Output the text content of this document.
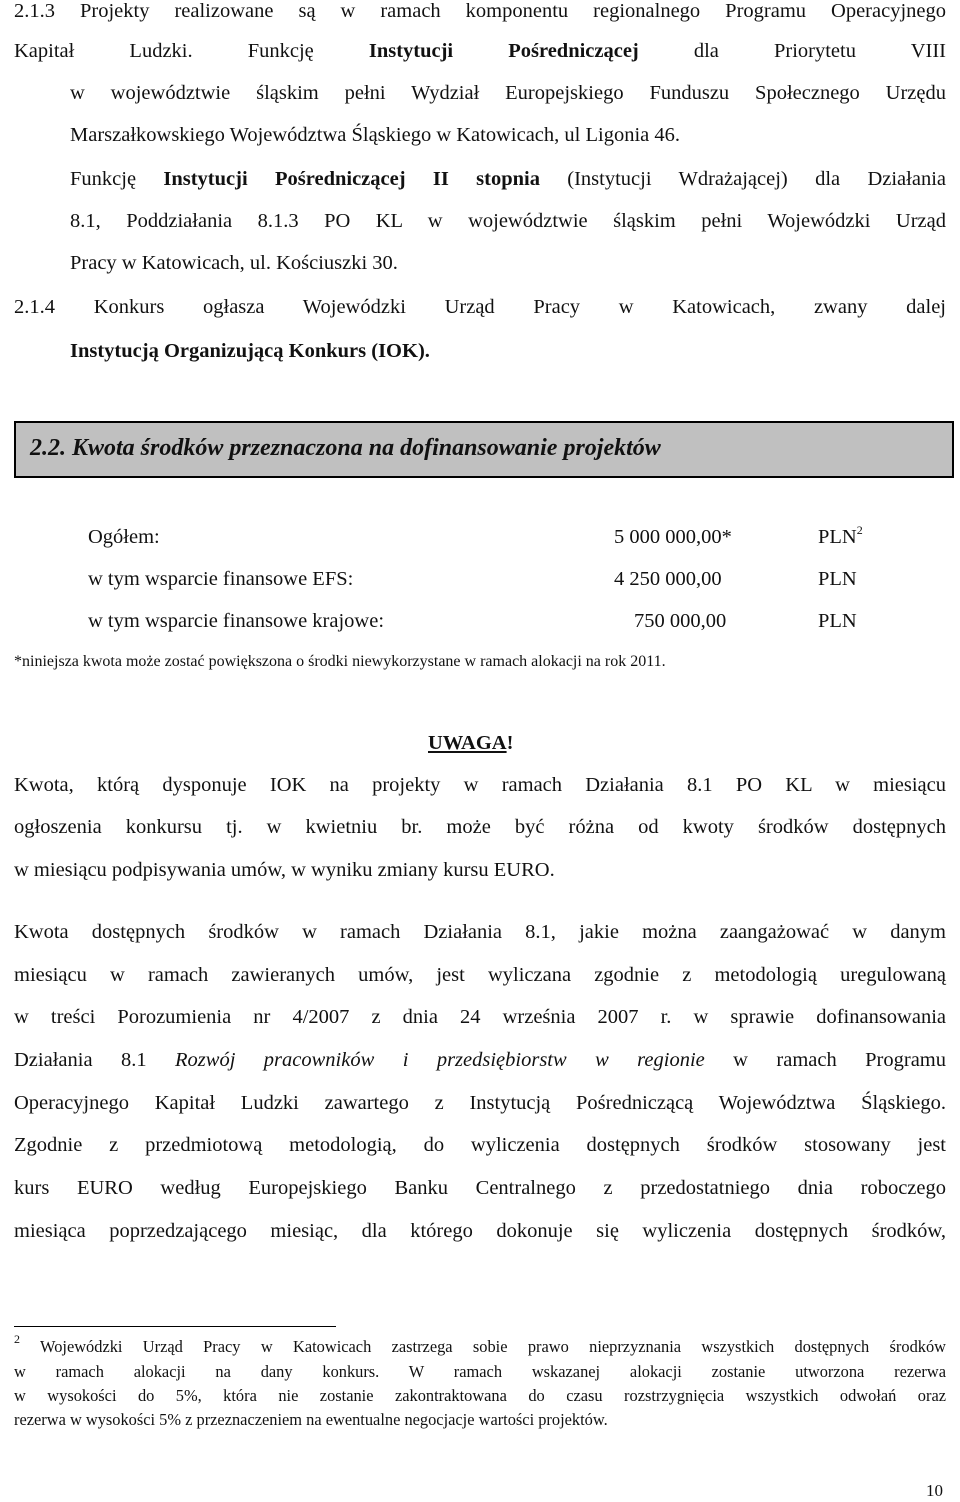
2.1.3 Projekty realizowane są w ramach komponentu regionalnego Programu Operacyjnego

Kapitał Ludzki. Funkcję Instytucji Pośredniczącej dla Priorytetu VIII

w województwie śląskim pełni Wydział Europejskiego Funduszu Społecznego Urzędu

Marszałkowskiego Województwa Śląskiego w Katowicach, ul Ligonia 46.

Funkcję Instytucji Pośredniczącej II stopnia (Instytucji Wdrażającej) dla Działania

8.1, Poddziałania 8.1.3 PO KL w województwie śląskim pełni Wojewódzki Urząd

Pracy w Katowicach, ul. Kościuszki 30.

2.1.4 Konkurs ogłasza Wojewódzki Urząd Pracy w Katowicach, zwany dalej

Instytucją Organizującą Konkurs (IOK).

2.2. Kwota środków przeznaczona na dofinansowanie projektów
Ogółem:	5 000 000,00*	PLN$^2$
w tym wsparcie finansowe EFS:	4 250 000,00	PLN
w tym wsparcie finansowe krajowe:	750 000,00	PLN

*niniejsza kwota może zostać powiększona o środki niewykorzystane w ramach alokacji na rok 2011.

UWAGA!

Kwota, którą dysponuje IOK na projekty w ramach Działania 8.1 PO KL w miesiącu

ogłoszenia konkursu tj. w kwietniu br. może być różna od kwoty środków dostępnych

w miesiącu podpisywania umów, w wyniku zmiany kursu EURO.

Kwota dostępnych środków w ramach Działania 8.1, jakie można zaangażować w danym

miesiącu w ramach zawieranych umów, jest wyliczana zgodnie z metodologią uregulowaną

w treści Porozumienia nr 4/2007 z dnia 24 września 2007 r. w sprawie dofinansowania

Działania 8.1 Rozwój pracowników i przedsiębiorstw w regionie w ramach Programu

Operacyjnego Kapitał Ludzki zawartego z Instytucją Pośredniczącą Województwa Śląskiego.

Zgodnie z przedmiotową metodologią, do wyliczenia dostępnych środków stosowany jest

kurs EURO według Europejskiego Banku Centralnego z przedostatniego dnia roboczego

miesiąca poprzedzającego miesiąc, dla którego dokonuje się wyliczenia dostępnych środków,

$^2$ Wojewódzki Urząd Pracy w Katowicach zastrzega sobie prawo nieprzyznania wszystkich dostępnych środków

w ramach alokacji na dany konkurs. W ramach wskazanej alokacji zostanie utworzona rezerwa

w wysokości do 5%, która nie zostanie zakontraktowana do czasu rozstrzygnięcia wszystkich odwołań oraz

rezerwa w wysokości 5% z przeznaczeniem na ewentualne negocjacje wartości projektów.

10
